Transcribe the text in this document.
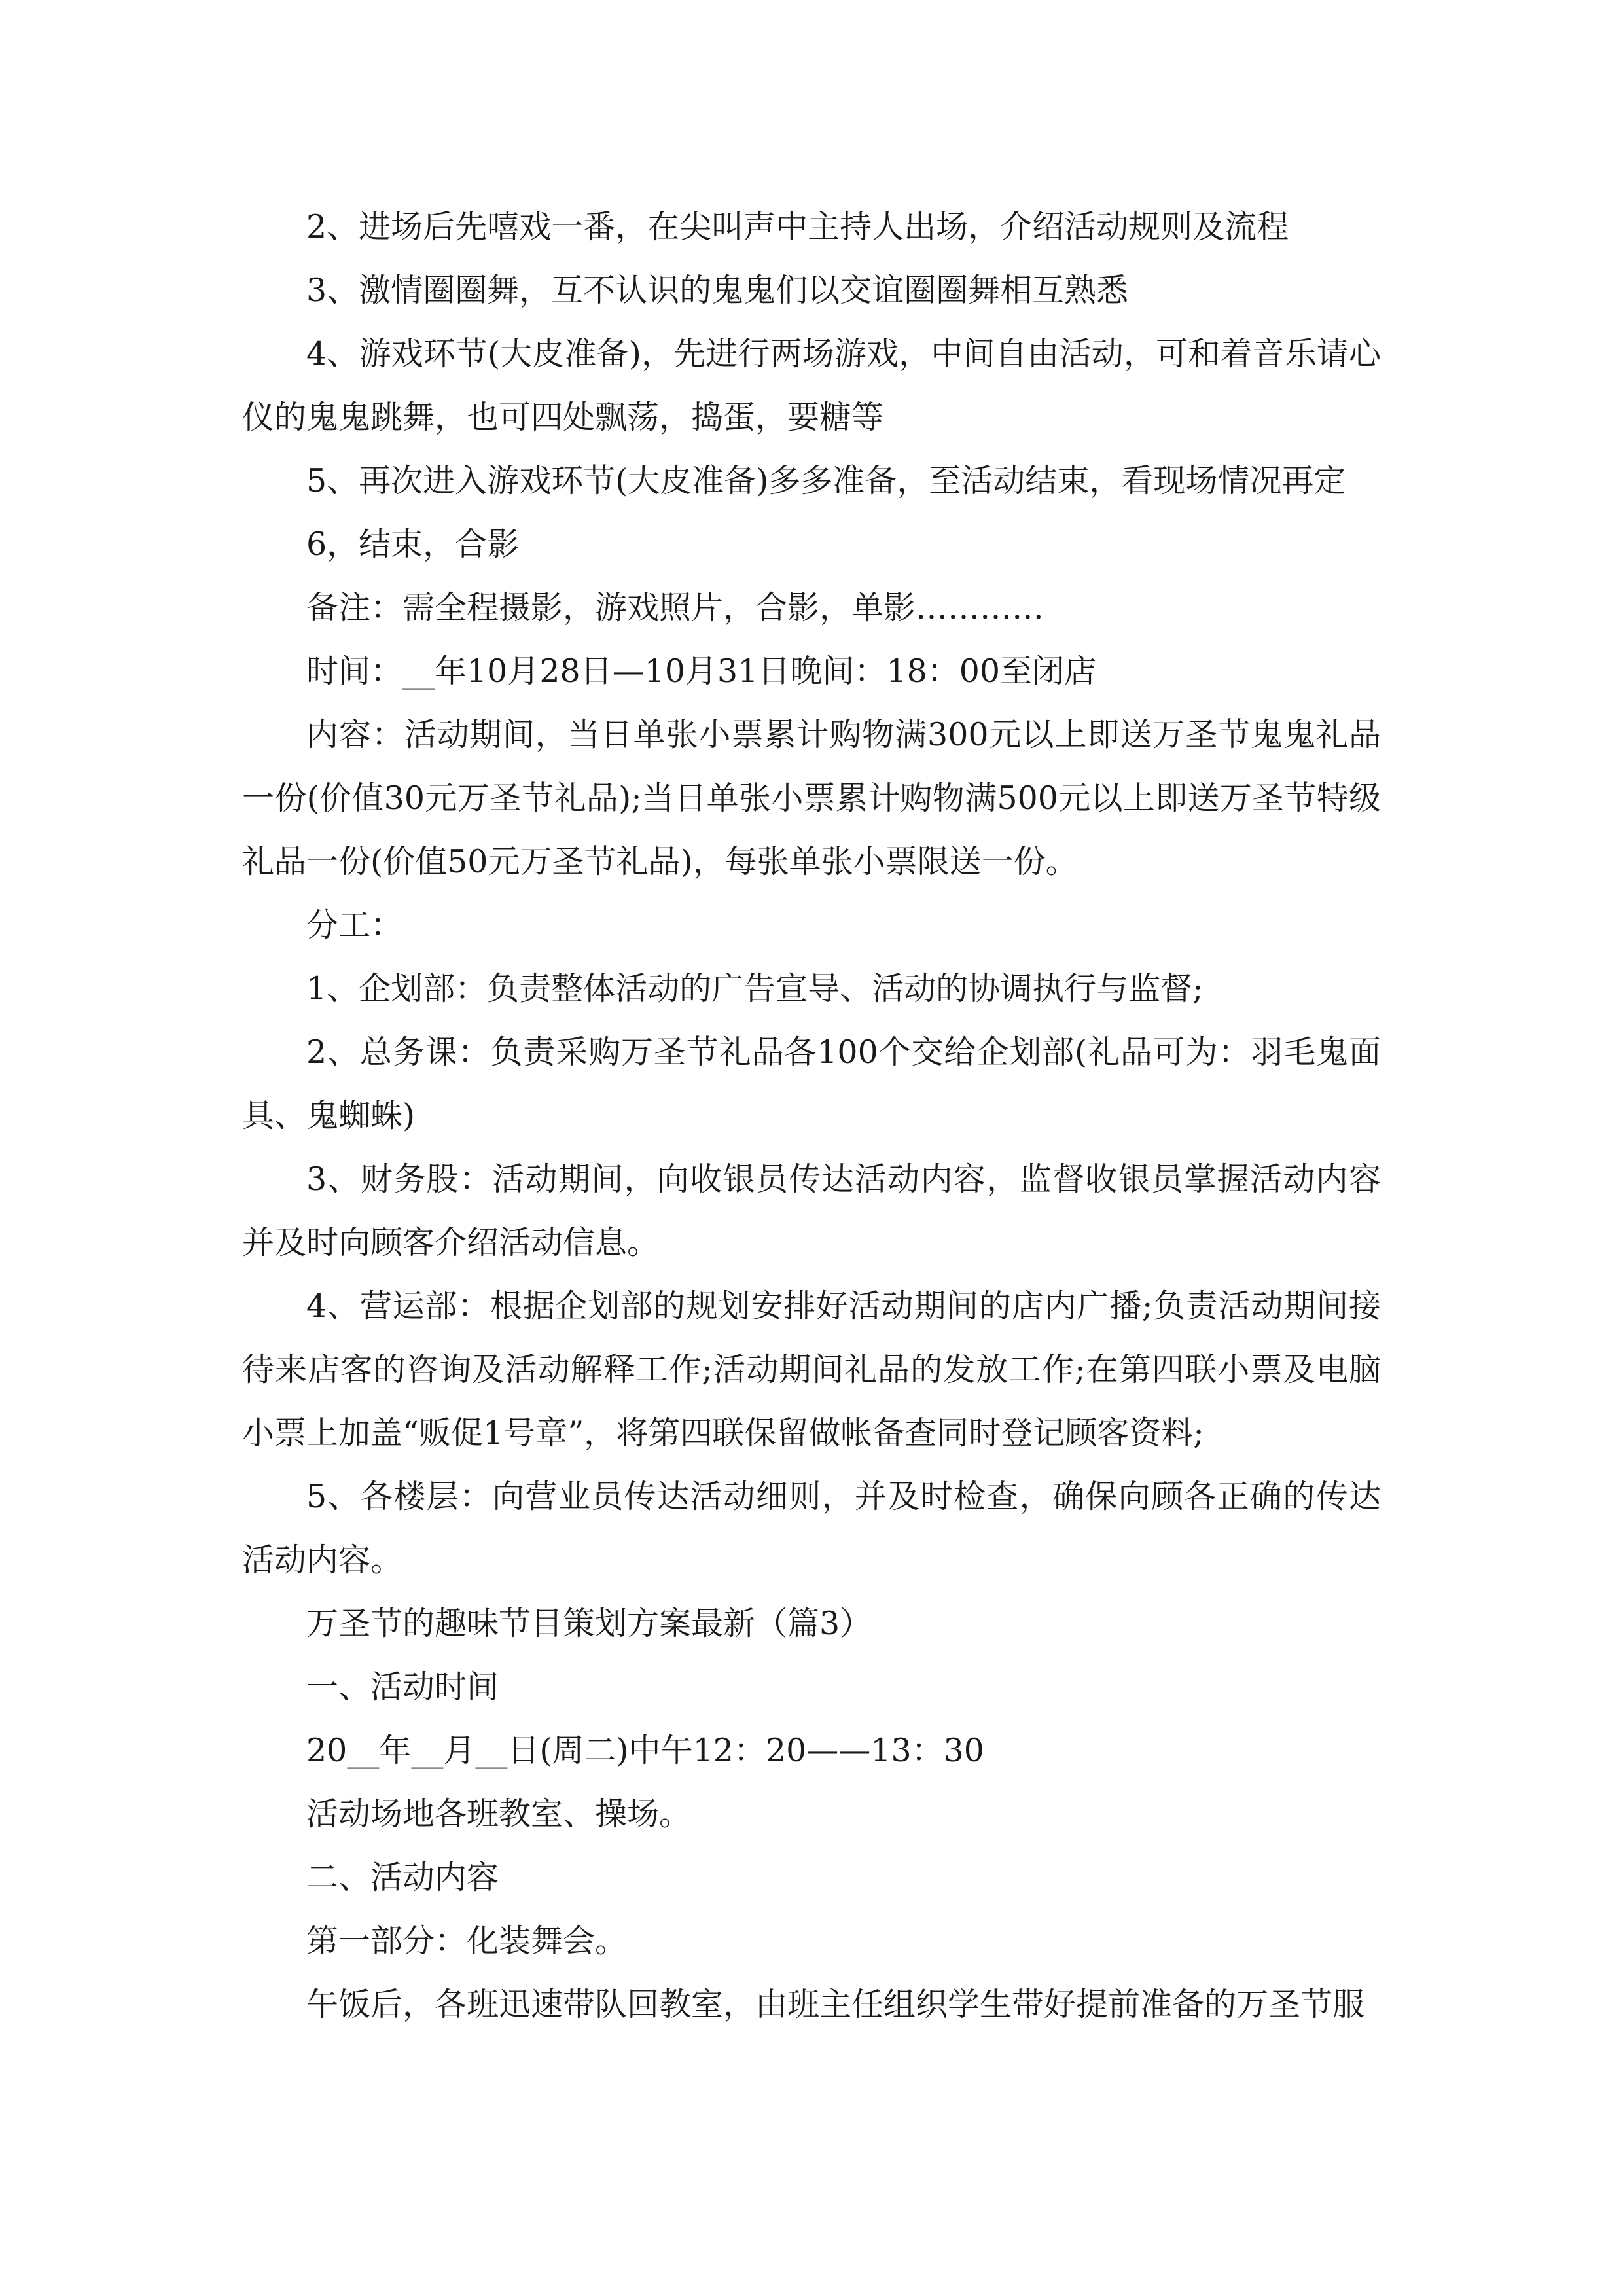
2、进场后先嘻戏一番，在尖叫声中主持人出场，介绍活动规则及流程

3、激情圈圈舞，互不认识的鬼鬼们以交谊圈圈舞相互熟悉

4、游戏环节(大皮准备)，先进行两场游戏，中间自由活动，可和着音乐请心仪的鬼鬼跳舞，也可四处飘荡，捣蛋，要糖等

5、再次进入游戏环节(大皮准备)多多准备，至活动结束，看现场情况再定

6，结束，合影

备注：需全程摄影，游戏照片，合影，单影…………

时间：__年10月28日—10月31日晚间：18：00至闭店

内容：活动期间，当日单张小票累计购物满300元以上即送万圣节鬼鬼礼品一份(价值30元万圣节礼品);当日单张小票累计购物满500元以上即送万圣节特级礼品一份(价值50元万圣节礼品)，每张单张小票限送一份。

分工：

1、企划部：负责整体活动的广告宣导、活动的协调执行与监督;

2、总务课：负责采购万圣节礼品各100个交给企划部(礼品可为：羽毛鬼面具、鬼蜘蛛)

3、财务股：活动期间，向收银员传达活动内容，监督收银员掌握活动内容并及时向顾客介绍活动信息。

4、营运部：根据企划部的规划安排好活动期间的店内广播;负责活动期间接待来店客的咨询及活动解释工作;活动期间礼品的发放工作;在第四联小票及电脑小票上加盖“贩促1号章”，将第四联保留做帐备查同时登记顾客资料;

5、各楼层：向营业员传达活动细则，并及时检查，确保向顾各正确的传达活动内容。

万圣节的趣味节目策划方案最新（篇3）

一、活动时间

20__年__月__日(周二)中午12：20——13：30

活动场地各班教室、操场。

二、活动内容

第一部分：化装舞会。

午饭后，各班迅速带队回教室，由班主任组织学生带好提前准备的万圣节服
